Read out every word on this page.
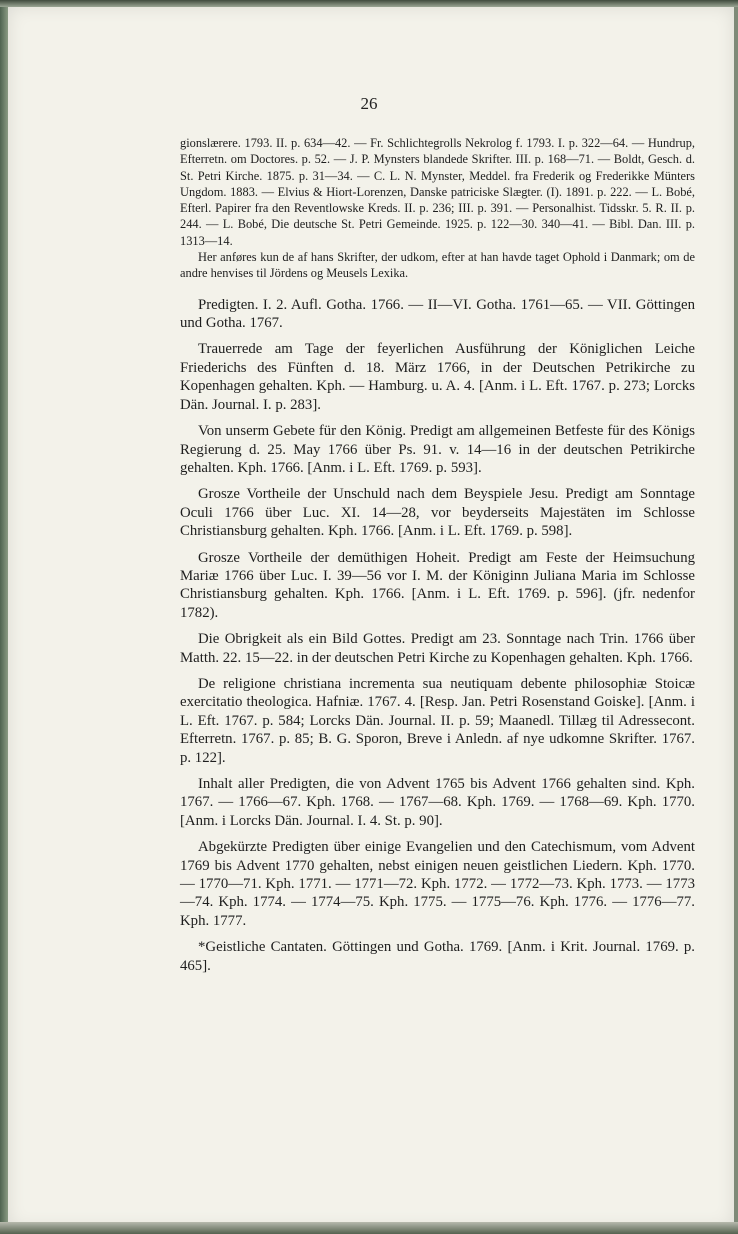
26

gionslærere. 1793. II. p. 634—42. — Fr. Schlichtegrolls Nekrolog f. 1793. I. p. 322—64. — Hundrup, Efterretn. om Doctores. p. 52. — J. P. Mynsters blandede Skrifter. III. p. 168—71. — Boldt, Gesch. d. St. Petri Kirche. 1875. p. 31—34. — C. L. N. Mynster, Meddel. fra Frederik og Frederikke Münters Ungdom. 1883. — Elvius & Hiort-Lorenzen, Danske patriciske Slægter. (I). 1891. p. 222. — L. Bobé, Efterl. Papirer fra den Reventlowske Kreds. II. p. 236; III. p. 391. — Personalhist. Tidsskr. 5. R. II. p. 244. — L. Bobé, Die deutsche St. Petri Gemeinde. 1925. p. 122—30. 340—41. — Bibl. Dan. III. p. 1313—14.

Her anføres kun de af hans Skrifter, der udkom, efter at han havde taget Ophold i Danmark; om de andre henvises til Jördens og Meusels Lexika.

Predigten. I. 2. Aufl. Gotha. 1766. — II—VI. Gotha. 1761—65. — VII. Göttingen und Gotha. 1767.

Trauerrede am Tage der feyerlichen Ausführung der Königlichen Leiche Friederichs des Fünften d. 18. März 1766, in der Deutschen Petrikirche zu Kopenhagen gehalten. Kph. — Hamburg. u. A. 4. [Anm. i L. Eft. 1767. p. 273; Lorcks Dän. Journal. I. p. 283].

Von unserm Gebete für den König. Predigt am allgemeinen Betfeste für des Königs Regierung d. 25. May 1766 über Ps. 91. v. 14—16 in der deutschen Petrikirche gehalten. Kph. 1766. [Anm. i L. Eft. 1769. p. 593].

Grosze Vortheile der Unschuld nach dem Beyspiele Jesu. Predigt am Sonntage Oculi 1766 über Luc. XI. 14—28, vor beyderseits Majestäten im Schlosse Christiansburg gehalten. Kph. 1766. [Anm. i L. Eft. 1769. p. 598].

Grosze Vortheile der demüthigen Hoheit. Predigt am Feste der Heimsuchung Mariæ 1766 über Luc. I. 39—56 vor I. M. der Königinn Juliana Maria im Schlosse Christiansburg gehalten. Kph. 1766. [Anm. i L. Eft. 1769. p. 596]. (jfr. nedenfor 1782).

Die Obrigkeit als ein Bild Gottes. Predigt am 23. Sonntage nach Trin. 1766 über Matth. 22. 15—22. in der deutschen Petri Kirche zu Kopenhagen gehalten. Kph. 1766.

De religione christiana incrementa sua neutiquam debente philosophiæ Stoicæ exercitatio theologica. Hafniæ. 1767. 4. [Resp. Jan. Petri Rosenstand Goiske]. [Anm. i L. Eft. 1767. p. 584; Lorcks Dän. Journal. II. p. 59; Maanedl. Tillæg til Adressecont. Efterretn. 1767. p. 85; B. G. Sporon, Breve i Anledn. af nye udkomne Skrifter. 1767. p. 122].

Inhalt aller Predigten, die von Advent 1765 bis Advent 1766 gehalten sind. Kph. 1767. — 1766—67. Kph. 1768. — 1767—68. Kph. 1769. — 1768—69. Kph. 1770. [Anm. i Lorcks Dän. Journal. I. 4. St. p. 90].

Abgekürzte Predigten über einige Evangelien und den Catechismum, vom Advent 1769 bis Advent 1770 gehalten, nebst einigen neuen geistlichen Liedern. Kph. 1770. — 1770—71. Kph. 1771. — 1771—72. Kph. 1772. — 1772—73. Kph. 1773. — 1773—74. Kph. 1774. — 1774—75. Kph. 1775. — 1775—76. Kph. 1776. — 1776—77. Kph. 1777.

*Geistliche Cantaten. Göttingen und Gotha. 1769. [Anm. i Krit. Journal. 1769. p. 465].
